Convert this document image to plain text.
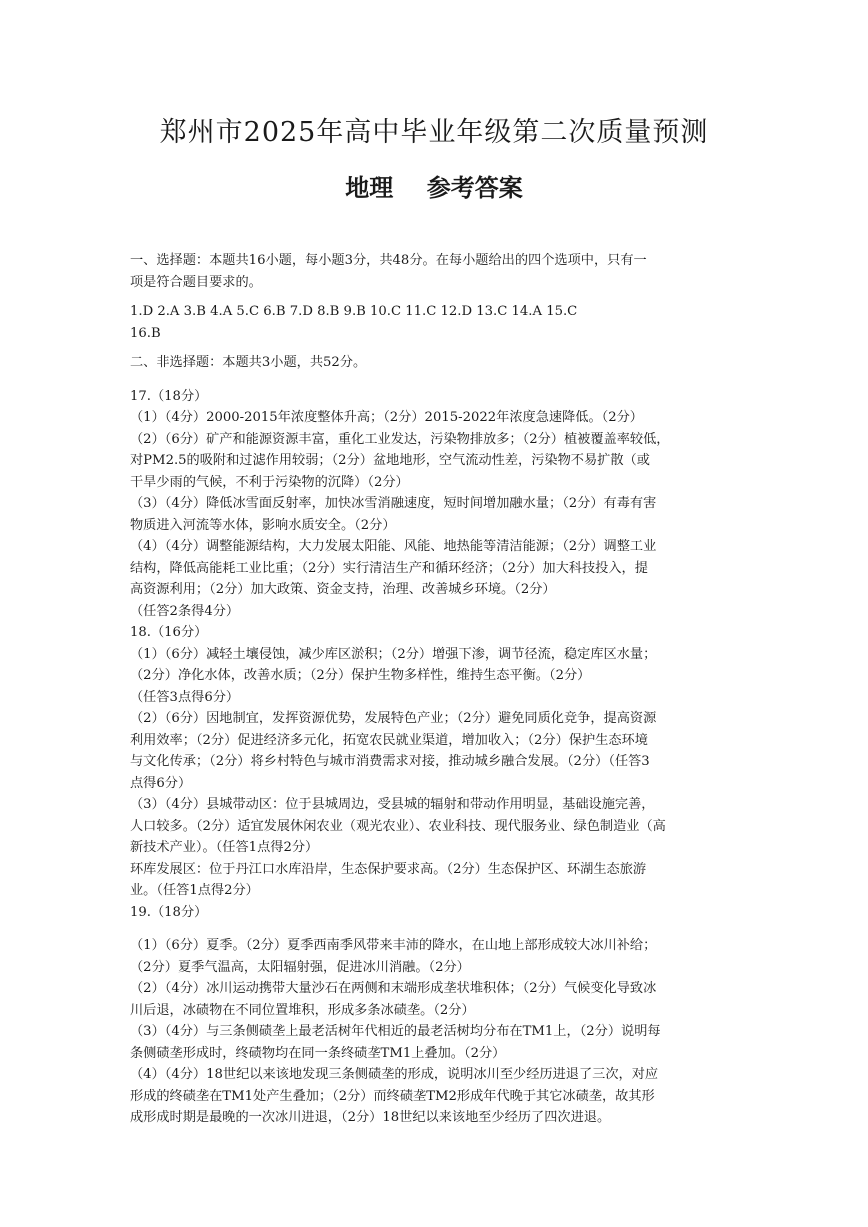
郑州市2025年高中毕业年级第二次质量预测
地理    参考答案

一、选择题：本题共16小题，每小题3分，共48分。在每小题给出的四个选项中，只有一

项是符合题目要求的。

1.D 2.A 3.B 4.A 5.C 6.B 7.D 8.B 9.B 10.C 11.C 12.D 13.C 14.A 15.C

16.B

二、非选择题：本题共3小题，共52分。

17.（18分）

（1）（4分）2000-2015年浓度整体升高；（2分）2015-2022年浓度急速降低。（2分）

（2）（6分）矿产和能源资源丰富，重化工业发达，污染物排放多；（2分）植被覆盖率较低，

对PM2.5的吸附和过滤作用较弱；（2分）盆地地形，空气流动性差，污染物不易扩散（或

干旱少雨的气候，不利于污染物的沉降）（2分）

（3）（4分）降低冰雪面反射率，加快冰雪消融速度，短时间增加融水量；（2分）有毒有害

物质进入河流等水体，影响水质安全。（2分）

（4）（4分）调整能源结构，大力发展太阳能、风能、地热能等清洁能源；（2分）调整工业

结构，降低高能耗工业比重；（2分）实行清洁生产和循环经济；（2分）加大科技投入，提

高资源利用；（2分）加大政策、资金支持，治理、改善城乡环境。（2分）

（任答2条得4分）

18.（16分）

（1）（6分）减轻土壤侵蚀，减少库区淤积；（2分）增强下渗，调节径流，稳定库区水量；

（2分）净化水体，改善水质；（2分）保护生物多样性，维持生态平衡。（2分）

（任答3点得6分）

（2）（6分）因地制宜，发挥资源优势，发展特色产业；（2分）避免同质化竞争，提高资源

利用效率；（2分）促进经济多元化，拓宽农民就业渠道，增加收入；（2分）保护生态环境

与文化传承；（2分）将乡村特色与城市消费需求对接，推动城乡融合发展。（2分）（任答3

点得6分）

（3）（4分）县城带动区：位于县城周边，受县城的辐射和带动作用明显，基础设施完善，

人口较多。（2分）适宜发展休闲农业（观光农业）、农业科技、现代服务业、绿色制造业（高

新技术产业）。（任答1点得2分）

环库发展区：位于丹江口水库沿岸，生态保护要求高。（2分）生态保护区、环湖生态旅游

业。（任答1点得2分）

19.（18分）

（1）（6分）夏季。（2分）夏季西南季风带来丰沛的降水，在山地上部形成较大冰川补给；

（2分）夏季气温高，太阳辐射强，促进冰川消融。（2分）

（2）（4分）冰川运动携带大量沙石在两侧和末端形成垄状堆积体；（2分）气候变化导致冰

川后退，冰碛物在不同位置堆积，形成多条冰碛垄。（2分）

（3）（4分）与三条侧碛垄上最老活树年代相近的最老活树均分布在TM1上，（2分）说明每

条侧碛垄形成时，终碛物均在同一条终碛垄TM1上叠加。（2分）

（4）（4分）18世纪以来该地发现三条侧碛垄的形成，说明冰川至少经历进退了三次，对应

形成的终碛垄在TM1处产生叠加；（2分）而终碛垄TM2形成年代晚于其它冰碛垄，故其形

成形成时期是最晚的一次冰川进退，（2分）18世纪以来该地至少经历了四次进退。
